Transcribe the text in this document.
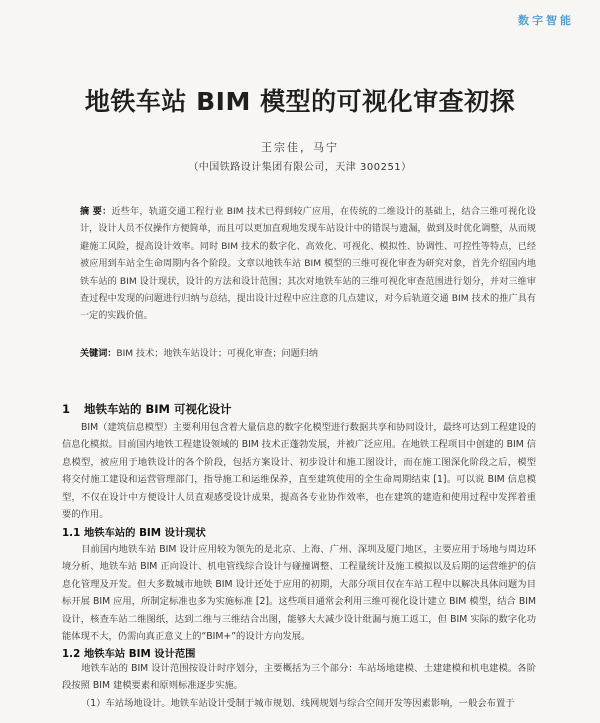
数字智能
地铁车站 BIM 模型的可视化审查初探
王宗佳，马宁
（中国铁路设计集团有限公司，天津 300251）
摘 要：近些年，轨道交通工程行业 BIM 技术已得到较广应用，在传统的二维设计的基础上，结合三维可视化设计，设计人员不仅操作方便简单，而且可以更加直观地发现车站设计中的错误与遗漏，做到及时优化调整，从而规避施工风险，提高设计效率。同时 BIM 技术的数字化、高效化、可视化、模拟性、协调性、可控性等特点，已经被应用到车站全生命周期内各个阶段。文章以地铁车站 BIM 模型的三维可视化审查为研究对象，首先介绍国内地铁车站的 BIM 设计现状，设计的方法和设计范围；其次对地铁车站的三维可视化审查范围进行划分，并对三维审查过程中发现的问题进行归纳与总结，提出设计过程中应注意的几点建议，对今后轨道交通 BIM 技术的推广具有一定的实践价值。
关键词：BIM 技术；地铁车站设计；可视化审查；问题归纳
1 地铁车站的 BIM 可视化设计
BIM（建筑信息模型）主要利用包含着大量信息的数字化模型进行数据共享和协同设计，最终可达到工程建设的信息化模拟。目前国内地铁工程建设领域的 BIM 技术正蓬勃发展，并被广泛应用。在地铁工程项目中创建的 BIM 信息模型，被应用于地铁设计的各个阶段，包括方案设计、初步设计和施工图设计，而在施工图深化阶段之后，模型将交付施工建设和运营管理部门，指导施工和运维保养，直至建筑使用的全生命周期结束 [1]。可以说 BIM 信息模型，不仅在设计中方便设计人员直观感受设计成果，提高各专业协作效率，也在建筑的建造和使用过程中发挥着重要的作用。
1.1 地铁车站的 BIM 设计现状
目前国内地铁车站 BIM 设计应用较为领先的是北京、上海、广州、深圳及厦门地区，主要应用于场地与周边环境分析、地铁车站 BIM 正向设计、机电管线综合设计与碰撞调整、工程量统计及施工模拟以及后期的运营维护的信息化管理及开发。但大多数城市地铁 BIM 设计还处于应用的初期，大部分项目仅在车站工程中以解决具体问题为目标开展 BIM 应用，所制定标准也多为实施标准 [2]。这些项目通常会利用三维可视化设计建立 BIM 模型，结合 BIM 设计，核查车站二维图纸，达到二维与三维结合出图，能够大大减少设计纰漏与施工返工，但 BIM 实际的数字化功能体现不大，仍需向真正意义上的“BIM+”的设计方向发展。
1.2 地铁车站 BIM 设计范围
地铁车站的 BIM 设计范围按设计时序划分，主要概括为三个部分：车站场地建模、土建建模和机电建模。各阶段按照 BIM 建模要素和原则标准逐步实施。
（1）车站场地设计。地铁车站设计受制于城市规划、线网规划与综合空间开发等因素影响，一般会布置于
